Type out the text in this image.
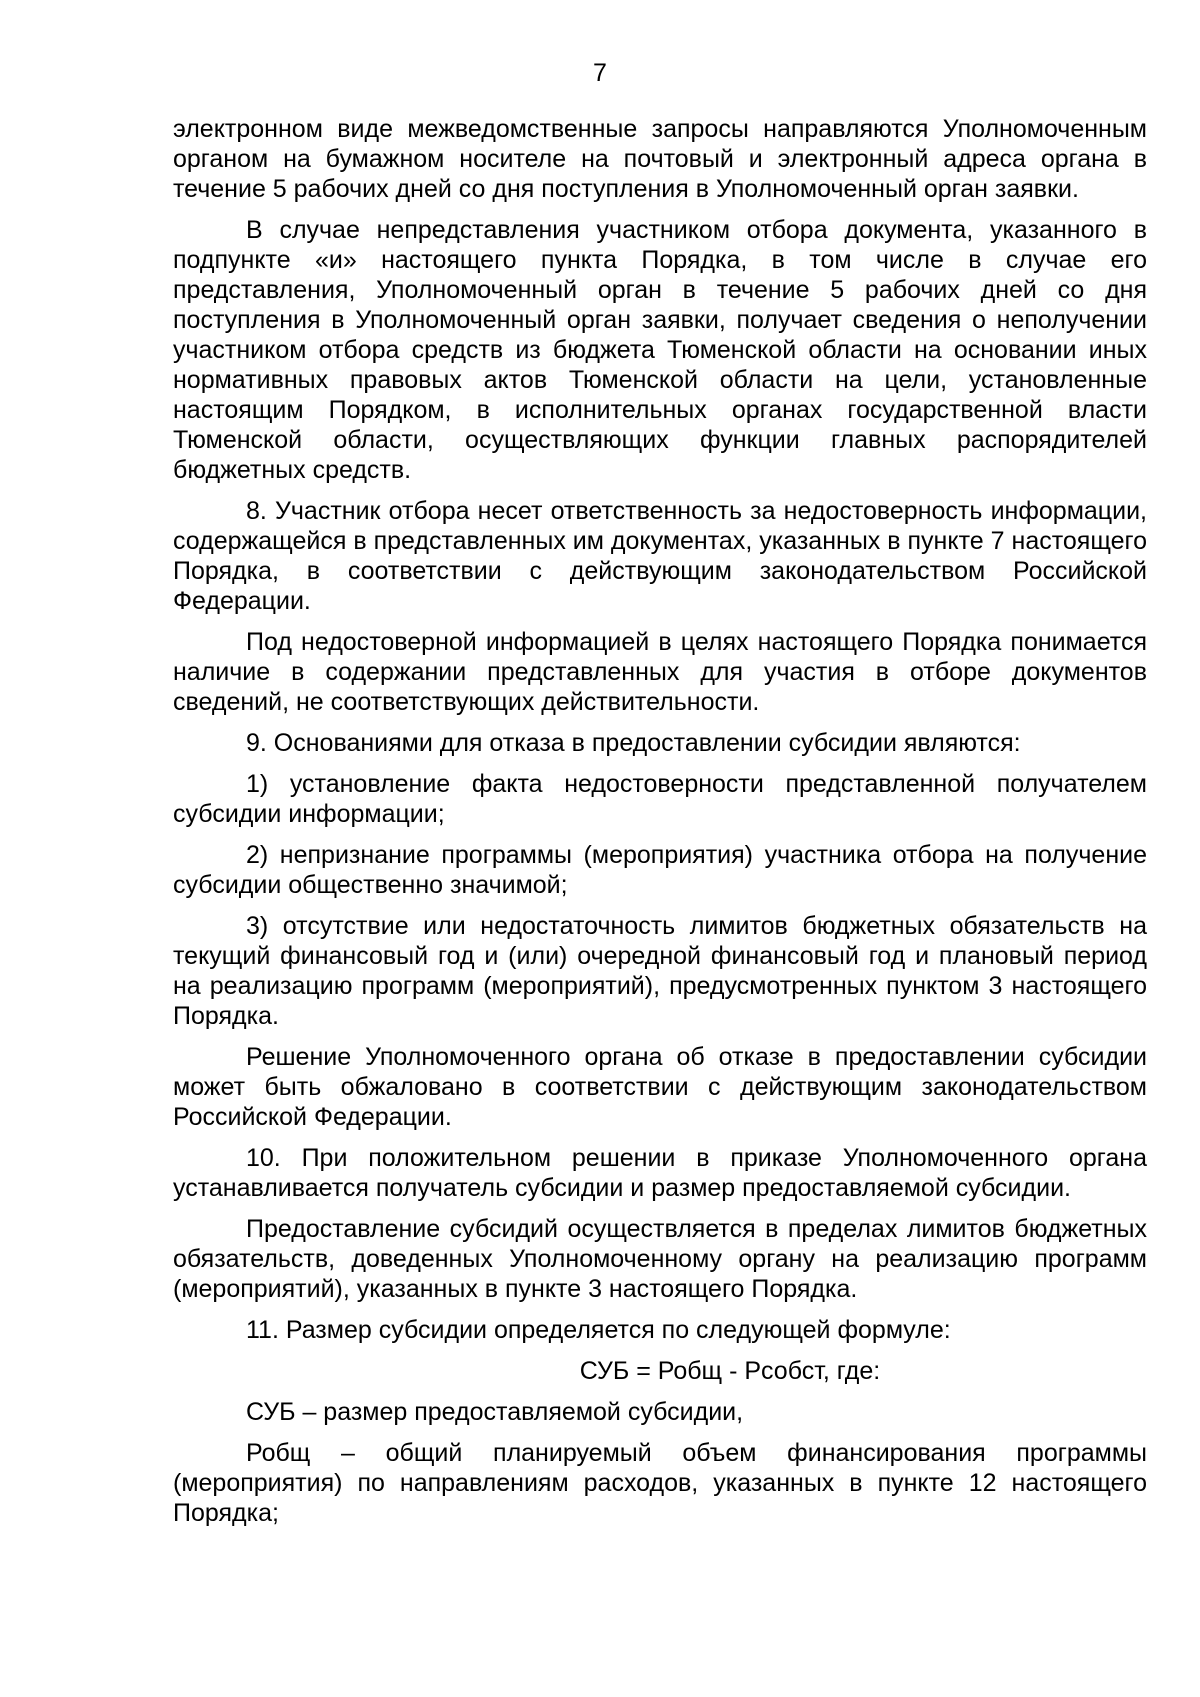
7

электронном виде межведомственные запросы направляются Уполномоченным органом на бумажном носителе на почтовый и электронный адреса органа в течение 5 рабочих дней со дня поступления в Уполномоченный орган заявки.

В случае непредставления участником отбора документа, указанного в подпункте «и» настоящего пункта Порядка, в том числе в случае его представления, Уполномоченный орган в течение 5 рабочих дней со дня поступления в Уполномоченный орган заявки, получает сведения о неполучении участником отбора средств из бюджета Тюменской области на основании иных нормативных правовых актов Тюменской области на цели, установленные настоящим Порядком, в исполнительных органах государственной власти Тюменской области, осуществляющих функции главных распорядителей бюджетных средств.

8. Участник отбора несет ответственность за недостоверность информации, содержащейся в представленных им документах, указанных в пункте 7 настоящего Порядка, в соответствии с действующим законодательством Российской Федерации.

Под недостоверной информацией в целях настоящего Порядка понимается наличие в содержании представленных для участия в отборе документов сведений, не соответствующих действительности.

9. Основаниями для отказа в предоставлении субсидии являются:

1) установление факта недостоверности представленной получателем субсидии информации;

2) непризнание программы (мероприятия) участника отбора на получение субсидии общественно значимой;

3) отсутствие или недостаточность лимитов бюджетных обязательств на текущий финансовый год и (или) очередной финансовый год и плановый период на реализацию программ (мероприятий), предусмотренных пунктом 3 настоящего Порядка.

Решение Уполномоченного органа об отказе в предоставлении субсидии может быть обжаловано в соответствии с действующим законодательством Российской Федерации.

10. При положительном решении в приказе Уполномоченного органа устанавливается получатель субсидии и размер предоставляемой субсидии.

Предоставление субсидий осуществляется в пределах лимитов бюджетных обязательств, доведенных Уполномоченному органу на реализацию программ (мероприятий), указанных в пункте 3 настоящего Порядка.

11. Размер субсидии определяется по следующей формуле:

СУБ = Робщ - Рсобст, где:

СУБ – размер предоставляемой субсидии,

Робщ – общий планируемый объем финансирования программы (мероприятия) по направлениям расходов, указанных в пункте 12 настоящего Порядка;
